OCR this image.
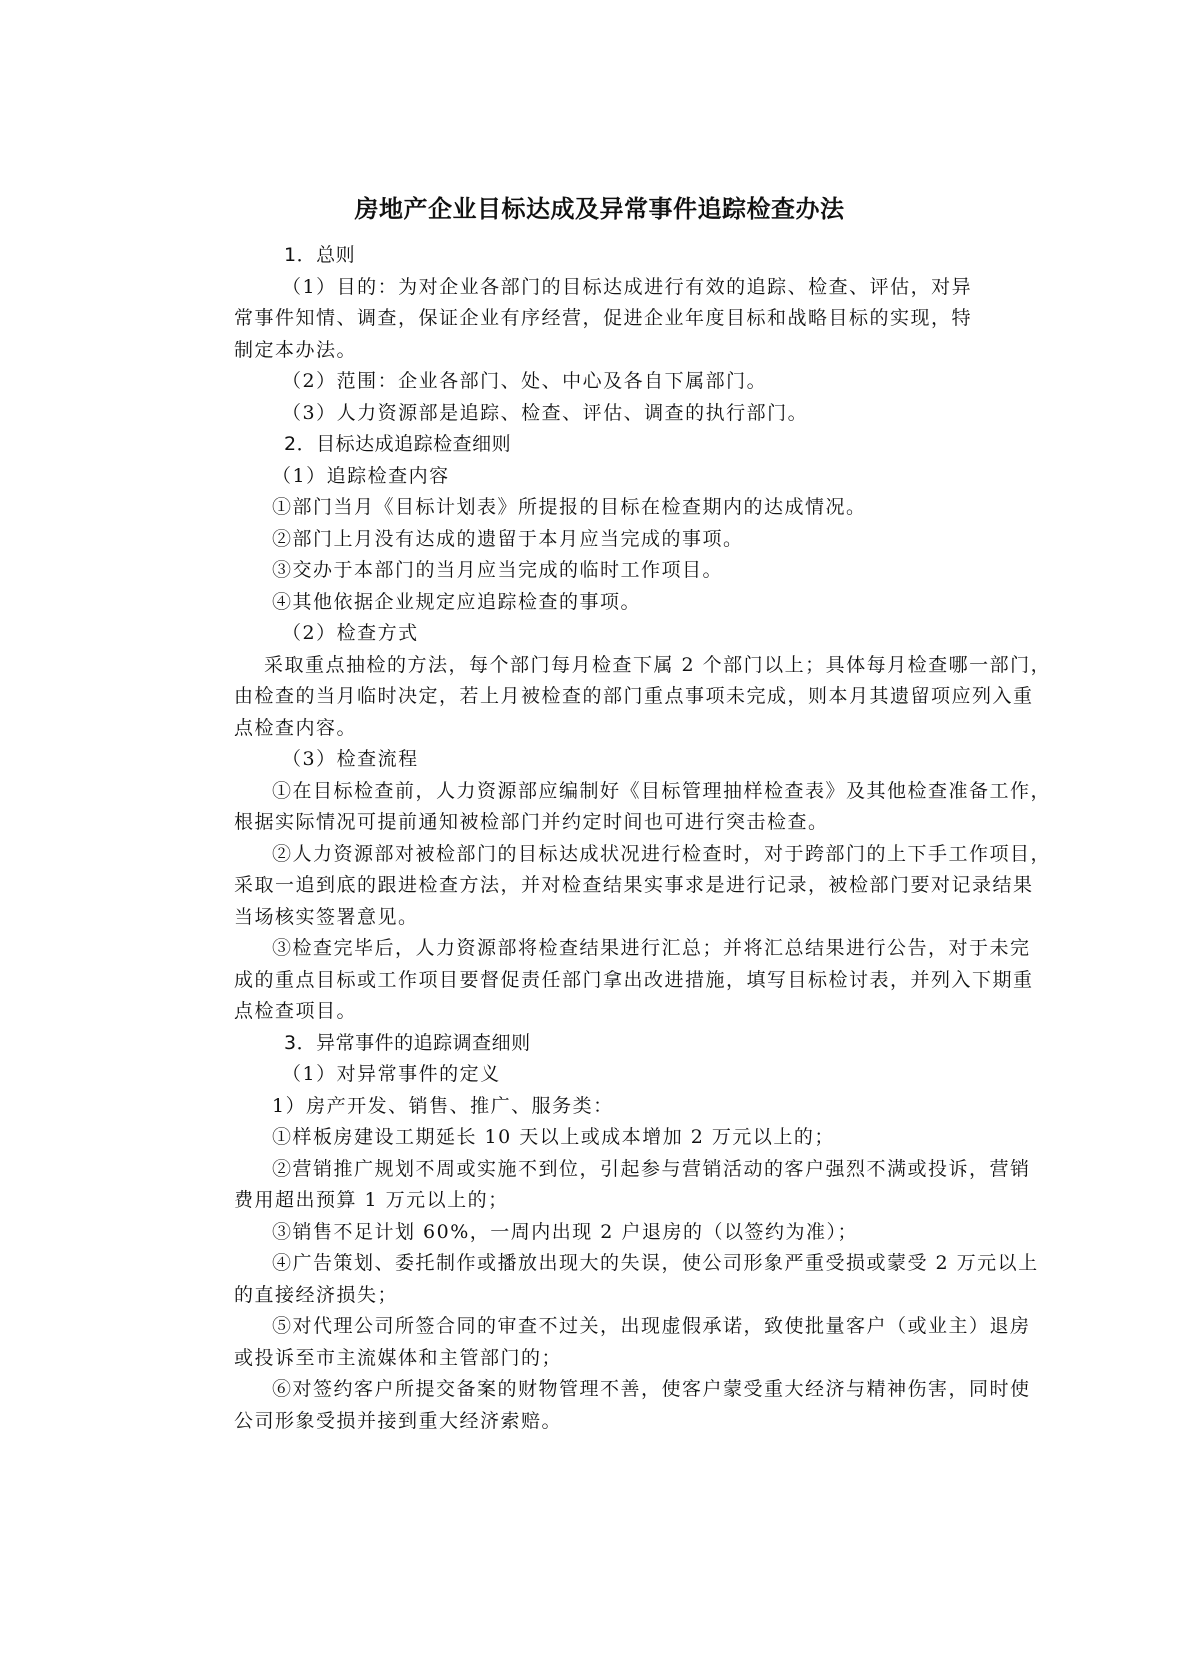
房地产企业目标达成及异常事件追踪检查办法

1．总则

（1）目的：为对企业各部门的目标达成进行有效的追踪、检查、评估，对异

常事件知情、调查，保证企业有序经营，促进企业年度目标和战略目标的实现，特

制定本办法。

（2）范围：企业各部门、处、中心及各自下属部门。

（3）人力资源部是追踪、检查、评估、调查的执行部门。

2．目标达成追踪检查细则

（1）追踪检查内容

①部门当月《目标计划表》所提报的目标在检查期内的达成情况。

②部门上月没有达成的遗留于本月应当完成的事项。

③交办于本部门的当月应当完成的临时工作项目。

④其他依据企业规定应追踪检查的事项。

（2）检查方式

采取重点抽检的方法，每个部门每月检查下属 2 个部门以上；具体每月检查哪一部门，

由检查的当月临时决定，若上月被检查的部门重点事项未完成，则本月其遗留项应列入重

点检查内容。

（3）检查流程

①在目标检查前，人力资源部应编制好《目标管理抽样检查表》及其他检查准备工作，

根据实际情况可提前通知被检部门并约定时间也可进行突击检查。

②人力资源部对被检部门的目标达成状况进行检查时，对于跨部门的上下手工作项目，

采取一追到底的跟进检查方法，并对检查结果实事求是进行记录，被检部门要对记录结果

当场核实签署意见。

③检查完毕后，人力资源部将检查结果进行汇总；并将汇总结果进行公告，对于未完

成的重点目标或工作项目要督促责任部门拿出改进措施，填写目标检讨表，并列入下期重

点检查项目。

3．异常事件的追踪调查细则

（1）对异常事件的定义

1）房产开发、销售、推广、服务类：

①样板房建设工期延长 10 天以上或成本增加 2 万元以上的；

②营销推广规划不周或实施不到位，引起参与营销活动的客户强烈不满或投诉，营销

费用超出预算 1 万元以上的；

③销售不足计划 60%，一周内出现 2 户退房的（以签约为准）；

④广告策划、委托制作或播放出现大的失误，使公司形象严重受损或蒙受 2 万元以上

的直接经济损失；

⑤对代理公司所签合同的审查不过关，出现虚假承诺，致使批量客户（或业主）退房

或投诉至市主流媒体和主管部门的；

⑥对签约客户所提交备案的财物管理不善，使客户蒙受重大经济与精神伤害，同时使

公司形象受损并接到重大经济索赔。
